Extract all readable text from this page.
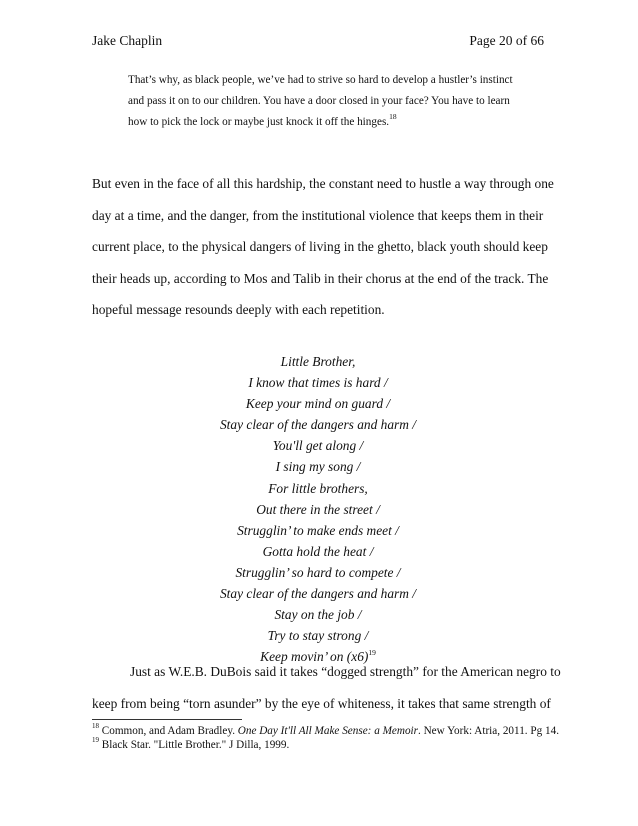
Jake Chaplin	Page 20 of 66
That’s why, as black people, we’ve had to strive so hard to develop a hustler’s instinct
and pass it on to our children. You have a door closed in your face? You have to learn
how to pick the lock or maybe just knock it off the hinges.$^{18}$
But even in the face of all this hardship, the constant need to hustle a way through one
day at a time, and the danger, from the institutional violence that keeps them in their
current place, to the physical dangers of living in the ghetto, black youth should keep
their heads up, according to Mos and Talib in their chorus at the end of the track. The
hopeful message resounds deeply with each repetition.
Little Brother,
I know that times is hard /
Keep your mind on guard /
Stay clear of the dangers and harm /
You'll get along /
I sing my song /
For little brothers,
Out there in the street /
Strugglin’ to make ends meet /
Gotta hold the heat /
Strugglin’ so hard to compete /
Stay clear of the dangers and harm /
Stay on the job /
Try to stay strong /
Keep movin’ on $(x6)^{19}$
Just as W.E.B. DuBois said it takes “dogged strength” for the American negro to
keep from being “torn asunder” by the eye of whiteness, it takes that same strength of
$^{18}$ Common, and Adam Bradley. One Day It'll All Make Sense: a Memoir. New York: Atria, 2011. Pg 14.
$^{19}$ Black Star. "Little Brother." J Dilla, 1999.
